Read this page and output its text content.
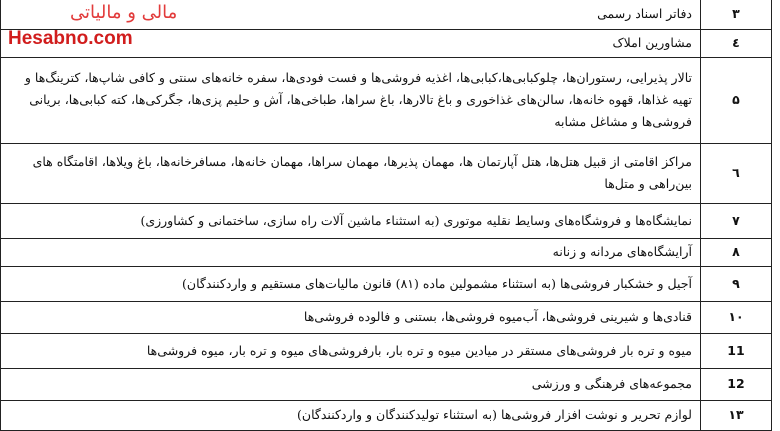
مالی و مالیاتی
Hesabno.com
۳	دفاتر اسناد رسمی
٤	مشاورین املاک
۵	تالار پذیرایی، رستوران‌ها، چلوکبابی‌ها،کبابی‌ها، اغذیه فروشی‌ها و فست فودی‌ها، سفره خانه‌های سنتی و کافی شاپ‌ها، کترینگ‌ها و تهیه غذاها، قهوه خانه‌ها، سالن‌های غذاخوری و باغ تالارها، باغ سراها، طباخی‌ها، آش و حلیم پزی‌ها، جگرکی‌ها، کته کبابی‌ها، بریانی فروشی‌ها و مشاغل مشابه
٦	مراکز اقامتی از قبیل هتل‌ها، هتل آپارتمان ها، مهمان پذیرها، مهمان سراها، مهمان خانه‌ها، مسافرخانه‌ها، باغ ویلاها، اقامتگاه های بین‌راهی و متل‌ها
۷	نمایشگاه‌ها و فروشگاه‌های وسایط نقلیه موتوری (به استثناء ماشین آلات راه سازی، ساختمانی و کشاورزی)
۸	آرایشگاه‌های مردانه و زنانه
۹	آجیل و خشکبار فروشی‌ها (به استثناء مشمولین ماده (۸۱) قانون مالیات‌های مستقیم و واردکنندگان)
۱۰	قنادی‌ها و شیرینی فروشی‌ها، آب‌میوه فروشی‌ها، بستنی و فالوده فروشی‌ها
11	میوه و تره بار فروشی‌های مستقر در میادین میوه و تره بار، بارفروشی‌های میوه و تره بار، میوه فروشی‌ها
12	مجموعه‌های فرهنگی و ورزشی
۱۳	لوازم تحریر و نوشت افزار فروشی‌ها (به استثناء تولیدکنندگان و واردکنندگان)
